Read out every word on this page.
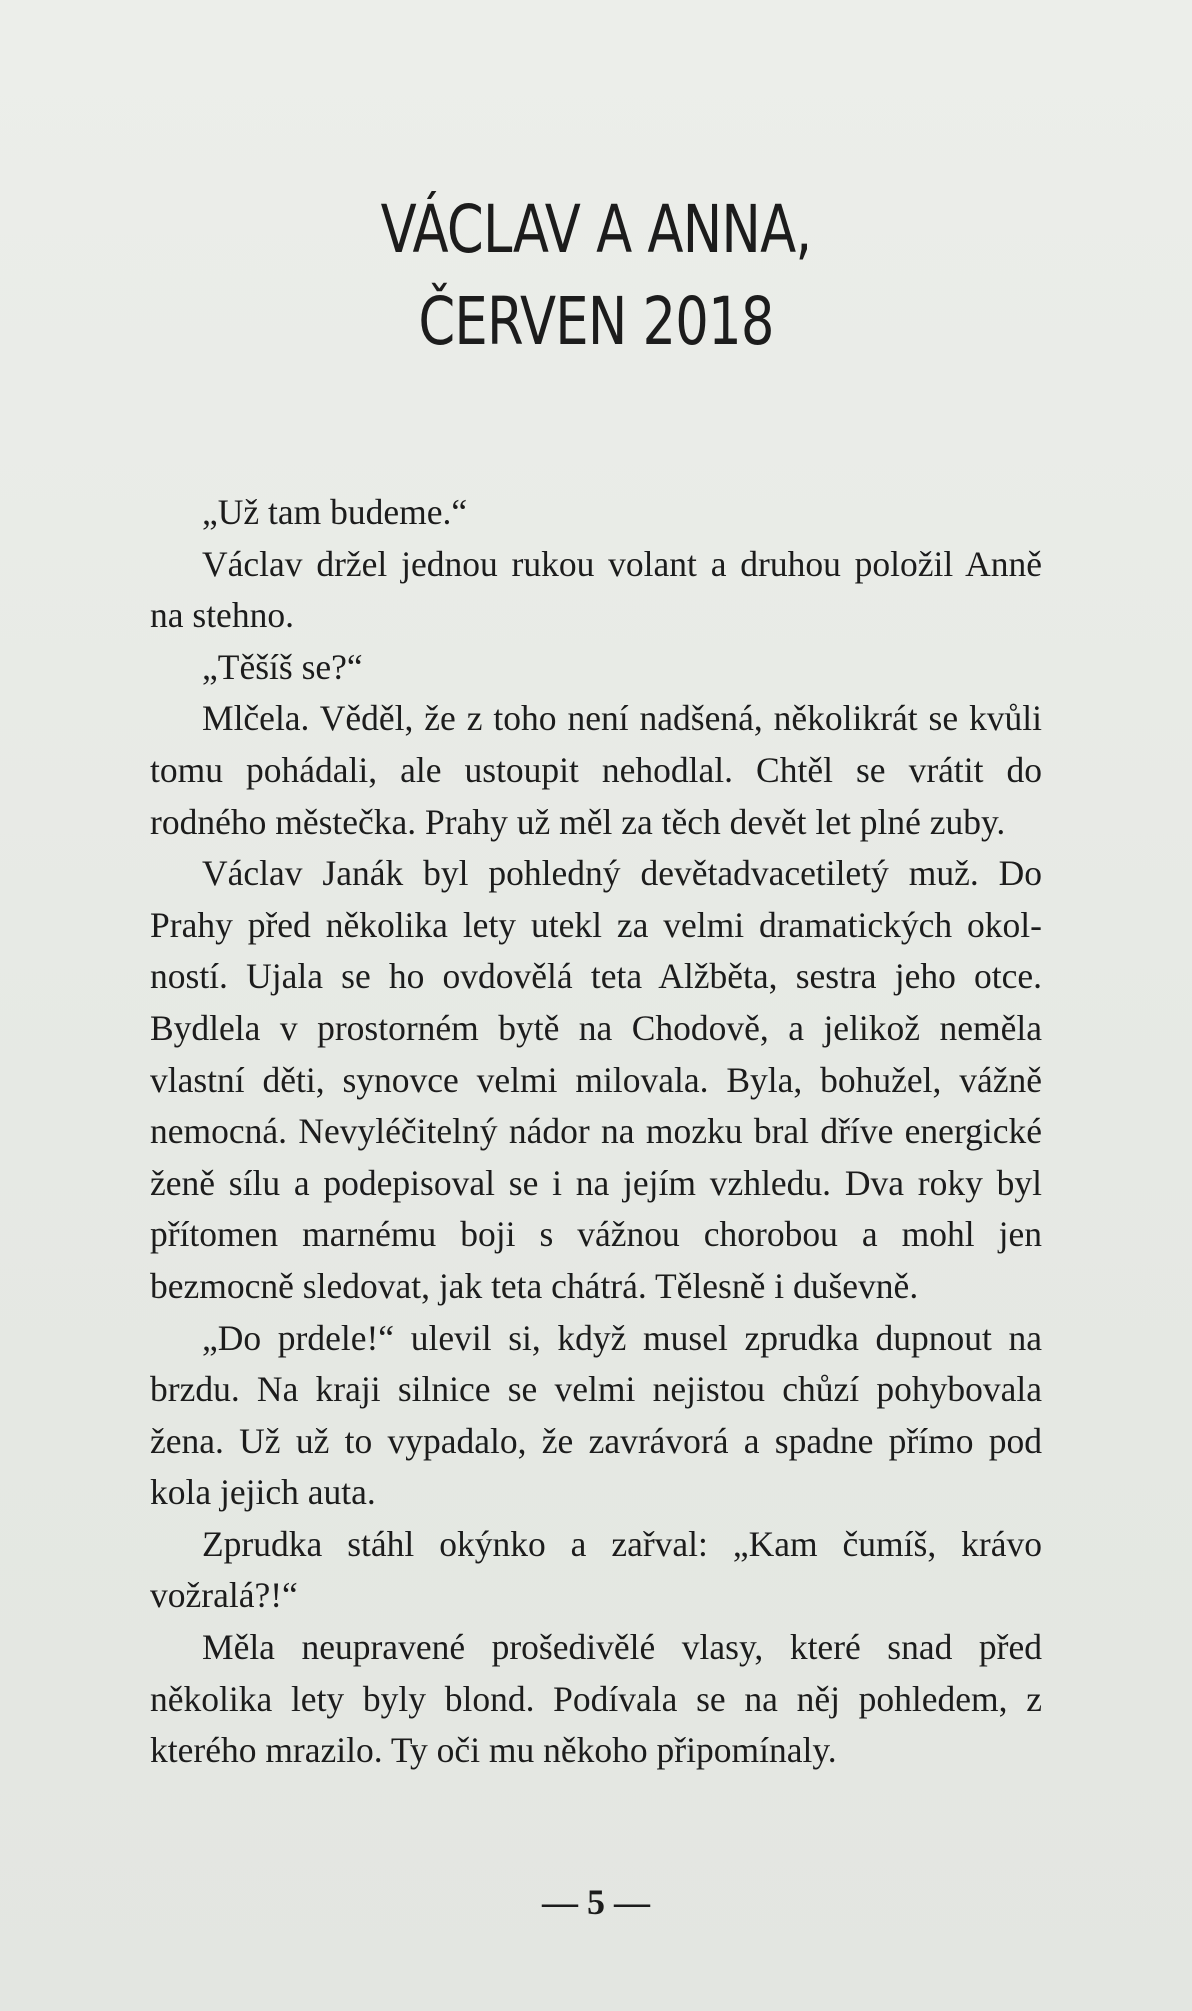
VÁCLAV A ANNA,
ČERVEN 2018

„Už tam budeme.“

Václav držel jednou rukou volant a druhou položil Anně na stehno.

„Těšíš se?“

Mlčela. Věděl, že z toho není nadšená, několikrát se kvůli tomu pohádali, ale ustoupit nehodlal. Chtěl se vrátit do rodného městečka. Prahy už měl za těch devět let plné zuby.

Václav Janák byl pohledný devětadvacetiletý muž. Do Prahy před několika lety utekl za velmi dramatických okolností. Ujala se ho ovdovělá teta Alžběta, sestra jeho otce. Bydlela v prostorném bytě na Chodově, a jelikož neměla vlastní děti, synovce velmi milovala. Byla, bohužel, vážně nemocná. Nevyléčitelný nádor na mozku bral dříve energické ženě sílu a podepisoval se i na jejím vzhledu. Dva roky byl přítomen marnému boji s vážnou chorobou a mohl jen bezmocně sledovat, jak teta chátrá. Tělesně i duševně.

„Do prdele!“ ulevil si, když musel zprudka dupnout na brzdu. Na kraji silnice se velmi nejistou chůzí pohybovala žena. Už už to vypadalo, že zavrávorá a spadne přímo pod kola jejich auta.

Zprudka stáhl okýnko a zařval: „Kam čumíš, krávo vožralá?!“

Měla neupravené prošedivělé vlasy, které snad před několika lety byly blond. Podívala se na něj pohledem, z kterého mrazilo. Ty oči mu někoho připomínaly.

— 5 —
